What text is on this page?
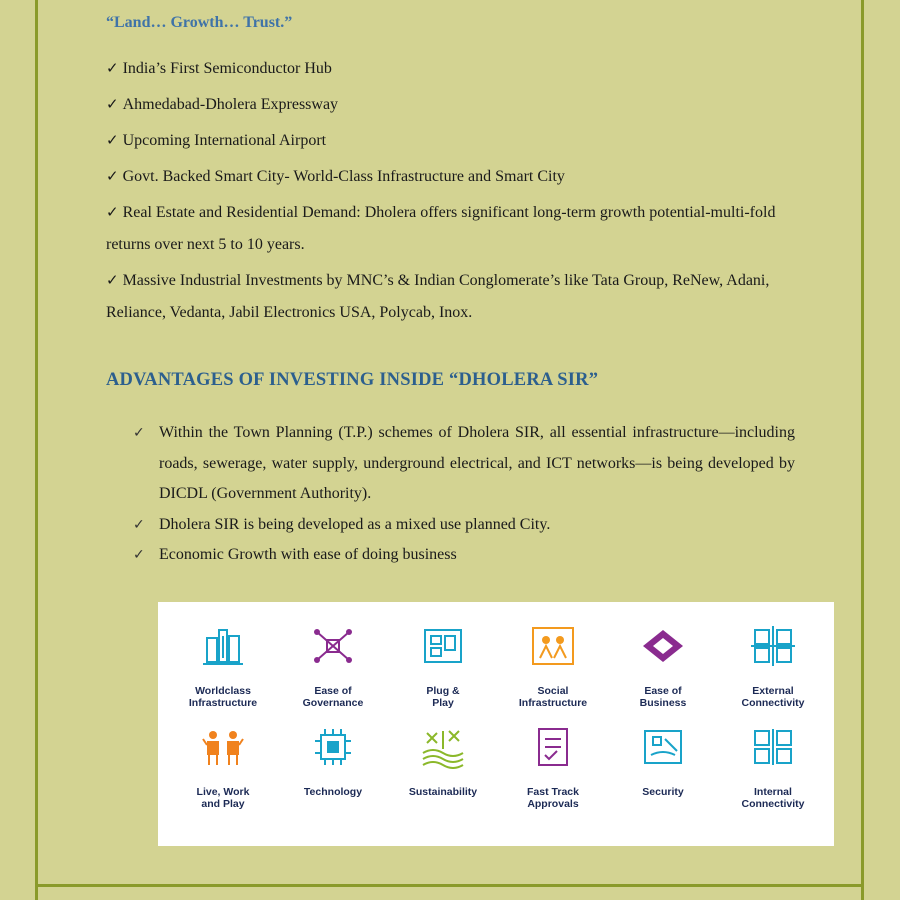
“Land… Growth… Trust.”
✓ India’s First Semiconductor Hub
✓ Ahmedabad-Dholera Expressway
✓ Upcoming International Airport
✓ Govt. Backed Smart City- World-Class Infrastructure and Smart City
✓ Real Estate and Residential Demand: Dholera offers significant long-term growth potential-multi-fold returns over next 5 to 10 years.
✓ Massive Industrial Investments by MNC’s & Indian Conglomerate’s like Tata Group, ReNew, Adani, Reliance, Vedanta, Jabil Electronics USA, Polycab, Inox.
ADVANTAGES OF INVESTING INSIDE “DHOLERA SIR”
✓ Within the Town Planning (T.P.) schemes of Dholera SIR, all essential infrastructure—including roads, sewerage, water supply, underground electrical, and ICT networks—is being developed by DICDL (Government Authority).
✓ Dholera SIR is being developed as a mixed use planned City.
✓ Economic Growth with ease of doing business
Worldclass
Infrastructure
Ease of
Governance
Plug &
Play
Social
Infrastructure
Ease of
Business
External
Connectivity
Live, Work
and Play
Technology	Sustainability	Fast Track
Approvals
Security	Internal
Connectivity
